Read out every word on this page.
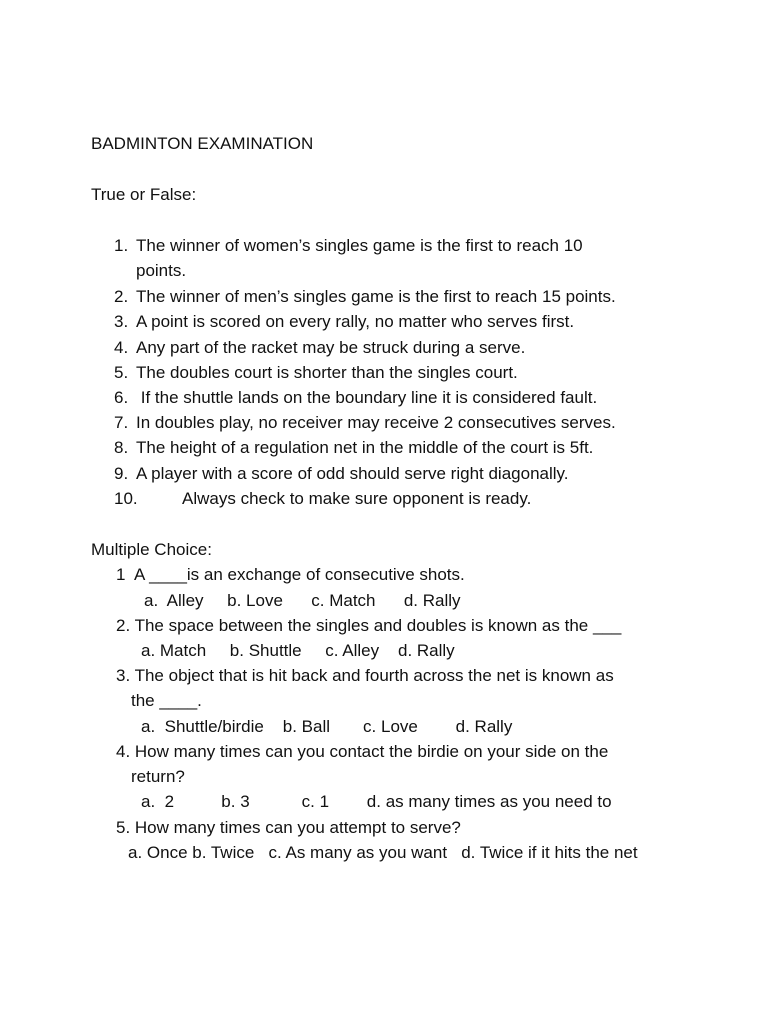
BADMINTON EXAMINATION
True or False:
1. The winner of women’s singles game is the first to reach 10
points.
2. The winner of men’s singles game is the first to reach 15 points.
3. A point is scored on every rally, no matter who serves first.
4. Any part of the racket may be struck during a serve.
5. The doubles court is shorter than the singles court.
6. If the shuttle lands on the boundary line it is considered fault.
7. In doubles play, no receiver may receive 2 consecutives serves.
8. The height of a regulation net in the middle of the court is 5ft.
9. A player with a score of odd should serve right diagonally.
10.	Always check to make sure opponent is ready.
Multiple Choice:
1  A ____is an exchange of consecutive shots.
a.  Alley     b. Love      c. Match      d. Rally
2. The space between the singles and doubles is known as the ___
a. Match     b. Shuttle     c. Alley    d. Rally
3. The object that is hit back and fourth across the net is known as
the ____.
a.  Shuttle/birdie    b. Ball       c. Love        d. Rally
4. How many times can you contact the birdie on your side on the
return?
a.  2          b. 3           c. 1        d. as many times as you need to
5. How many times can you attempt to serve?
a. Once b. Twice   c. As many as you want   d. Twice if it hits the net
